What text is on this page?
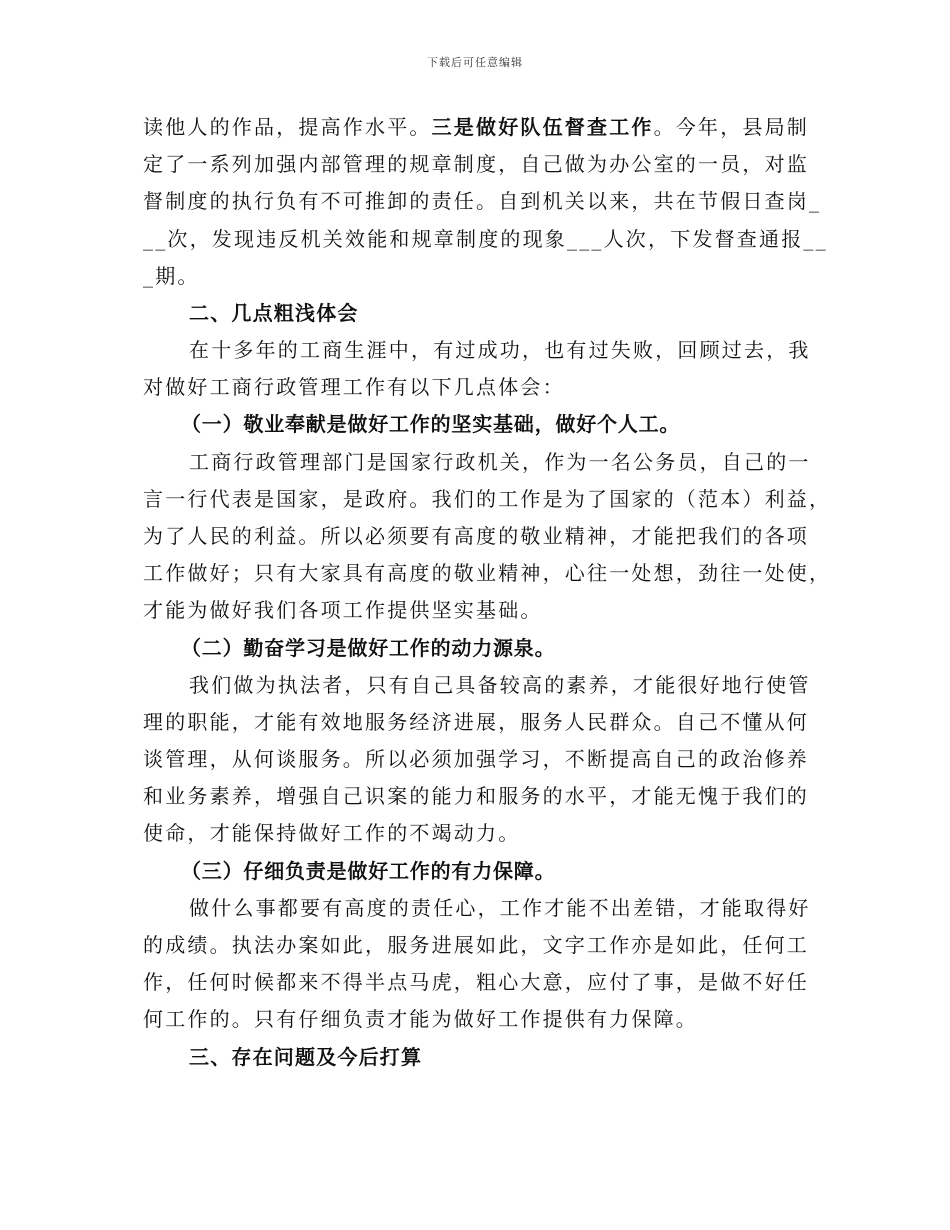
下载后可任意编辑
读他人的作品，提高作水平。三是做好队伍督查工作。今年，县局制
定了一系列加强内部管理的规章制度，自己做为办公室的一员，对监
督制度的执行负有不可推卸的责任。自到机关以来，共在节假日查岗_
__次，发现违反机关效能和规章制度的现象___人次，下发督查通报__
_期。
二、几点粗浅体会
在十多年的工商生涯中，有过成功，也有过失败，回顾过去，我
对做好工商行政管理工作有以下几点体会：
（一）敬业奉献是做好工作的坚实基础，做好个人工。
工商行政管理部门是国家行政机关，作为一名公务员，自己的一
言一行代表是国家，是政府。我们的工作是为了国家的（范本）利益，
为了人民的利益。所以必须要有高度的敬业精神，才能把我们的各项
工作做好；只有大家具有高度的敬业精神，心往一处想，劲往一处使，
才能为做好我们各项工作提供坚实基础。
（二）勤奋学习是做好工作的动力源泉。
我们做为执法者，只有自己具备较高的素养，才能很好地行使管
理的职能，才能有效地服务经济进展，服务人民群众。自己不懂从何
谈管理，从何谈服务。所以必须加强学习，不断提高自己的政治修养
和业务素养，增强自己识案的能力和服务的水平，才能无愧于我们的
使命，才能保持做好工作的不竭动力。
（三）仔细负责是做好工作的有力保障。
做什么事都要有高度的责任心，工作才能不出差错，才能取得好
的成绩。执法办案如此，服务进展如此，文字工作亦是如此，任何工
作，任何时候都来不得半点马虎，粗心大意，应付了事，是做不好任
何工作的。只有仔细负责才能为做好工作提供有力保障。
三、存在问题及今后打算
